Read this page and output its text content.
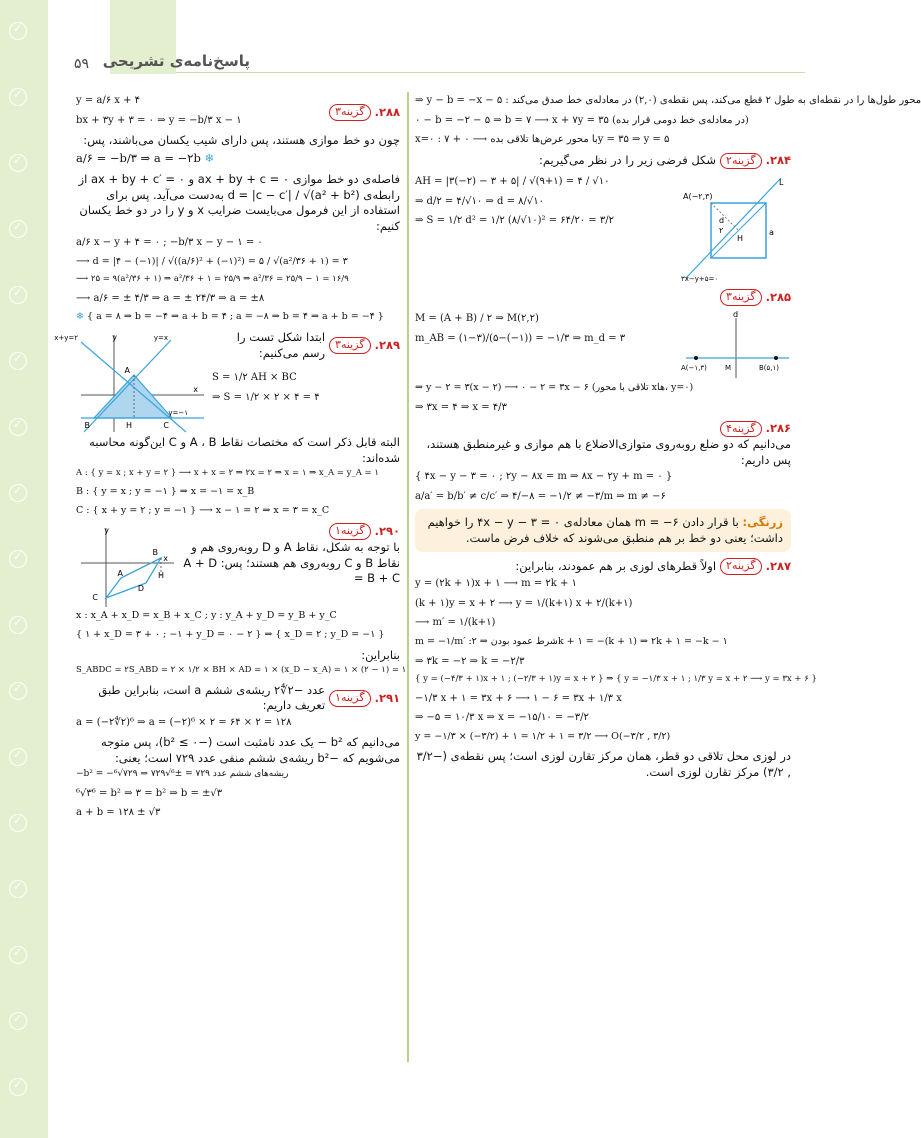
✓
✓
✓
✓
✓
✓
✓
✓
✓
✓
✓
✓
✓
✓
✓
✓
✓
۵۹ پاسخ‌نامه‌ی تشریحی
⇒ y − b = −x − ۵ : محور طول‌ها را در نقطه‌ای به طول ۲ قطع می‌کند، پس نقطه‌ی (۲,۰) در معادله‌ی خط صدق می‌کند
۰ − b = −۲ − ۵ ⇒ b = ۷ ⟶ x + ۷y = ۳۵ (در معادله‌ی خط دومی قرار بده)
x=۰ : با محور عرض‌ها تلاقی بده ⟶ ۰ + ۷y = ۳۵ ⇒ y = ۵
۲۸۴.
گزینه۲
شکل فرضی زیر را در نظر می‌گیریم:
AH = |۳(−۲) − ۳ + ۵| / √(۹+۱) = ۴ / √۱۰
⇒ d/۲ = ۴/√۱۰ ⇒ d = ۸/√۱۰
⇒ S = ۱/۲ d² = ۱/۲ (۸/√۱۰)² = ۶۴/۲۰ = ۳/۲
A(−۲,۳)
L
d
۲
H
a
۳x−y+۵=۰
۲۸۵.
گزینه۳
M = (A + B) / ۲ ⇒ M(۲,۲)
m_AB = (۱−۳)/(۵−(−۱)) = −۱/۳ ⇒ m_d = ۳
d
A(−۱,۳)	M	B(۵,۱)
⇒ y − ۲ = ۳(x − ۲) ⟶ ۰ − ۲ = ۳x − ۶ (تلاقی با محور xها، y=۰)
⇒ ۳x = ۴ ⇒ x = ۴/۳
۲۸۶.
گزینه۴
می‌دانیم که دو ضلع روبه‌روی متوازی‌الاضلاع با هم موازی و غیرمنطبق هستند، پس داریم:
{ ۴x − y − ۳ = ۰ ; ۲y − ۸x = m ⇒ ۸x − ۲y + m = ۰ }
a/a′ = b/b′ ≠ c/c′ ⇒ ۴/−۸ = −۱/۲ ≠ −۳/m ⇒ m ≠ −۶
زرنگی: با قرار دادن m = −۶ همان معادله‌ی ۴x − y − ۳ = ۰ را خواهیم داشت؛ یعنی دو خط بر هم منطبق می‌شوند که خلاف فرض ماست.
۲۸۷.
گزینه۲
اولاً قطرهای لوزی بر هم عمودند، بنابراین:
y = (۲k + ۱)x + ۱ ⟶ m = ۲k + ۱
(k + ۱)y = x + ۲ ⟶ y = ۱/(k+۱) x + ۲/(k+۱)
⟶ m′ = ۱/(k+۱)
m = −۱/m′ :شرط عمود بودن ⇒ ۲k + ۱ = −(k + ۱) ⇒ ۲k + ۱ = −k − ۱
⇒ ۳k = −۲ ⇒ k = −۲/۳
{ y = (−۴/۳ + ۱)x + ۱ ; (−۲/۳ + ۱)y = x + ۲ } ⇒ { y = −۱/۳ x + ۱ ; ۱/۳ y = x + ۲ ⟶ y = ۳x + ۶ }
−۱/۳ x + ۱ = ۳x + ۶ ⟶ ۱ − ۶ = ۳x + ۱/۳ x
⇒ −۵ = ۱۰/۳ x ⇒ x = −۱۵/۱۰ = −۳/۲
y = −۱/۳ × (−۳/۲) + ۱ = ۱/۲ + ۱ = ۳/۲ ⟶ O(−۳/۲ , ۳/۲)
در لوزی محل تلاقی دو قطر، همان مرکز تقارن لوزی است؛ پس نقطه‌ی (−۳/۲ , ۳/۲) مرکز تقارن لوزی است.
۲۸۸.
گزینه۳
y = a/۶ x + ۴
bx + ۳y + ۳ = ۰ ⇒ y = −b/۳ x − ۱
چون دو خط موازی هستند، پس دارای شیب یکسان می‌باشند، پس:
a/۶ = −b/۳ ⇒ a = −۲b ❄
فاصله‌ی دو خط موازی ax + by + c = ۰ و ax + by + c′ = ۰ از رابطه‌ی d = |c − c′| / √(a² + b²) به‌دست می‌آید. پس برای استفاده از این فرمول می‌بایست ضرایب x و y را در دو خط یکسان کنیم:
a/۶ x − y + ۴ = ۰ ; −b/۳ x − y − ۱ = ۰
⟶ d = |۴ − (−۱)| / √((a/۶)² + (−۱)²) = ۵ / √(a²/۳۶ + ۱) = ۳
⟶ ۲۵ = ۹(a²/۳۶ + ۱) ⇒ a²/۳۶ + ۱ = ۲۵/۹ ⇒ a²/۳۶ = ۲۵/۹ − ۱ = ۱۶/۹
⟶ a/۶ = ± ۴/۳ ⇒ a = ± ۲۴/۳ ⇒ a = ±۸
❄ { a = ۸ ⇒ b = −۴ ⇒ a + b = ۴ ; a = −۸ ⇒ b = ۴ ⇒ a + b = −۴ }
۲۸۹.
گزینه۳
ابتدا شکل تست را رسم می‌کنیم:
S = ۱/۲ AH × BC
⇒ S = ۱/۲ × ۲ × ۴ = ۴
x+y=۲	y=x
y=−۱
A
B	C
H
x
y
البته قابل ذکر است که مختصات نقاط A ، B و C این‌گونه محاسبه شده‌اند:
A : { y = x ; x + y = ۲ } ⟶ x + x = ۲ ⇒ ۲x = ۲ ⇒ x = ۱ ⇒ x_A = y_A = ۱
B : { y = x ; y = −۱ } ⇒ x = −۱ = x_B
C : { x + y = ۲ ; y = −۱ } ⟶ x − ۱ = ۲ ⇒ x = ۳ = x_C
۲۹۰.
گزینه۱
با توجه به شکل، نقاط A و D روبه‌روی هم و نقاط B و C روبه‌روی هم هستند؛ پس: A + D = B + C
A
B
C
D
H
x
y
x : x_A + x_D = x_B + x_C ; y : y_A + y_D = y_B + y_C
{ ۱ + x_D = ۳ + ۰ ; −۱ + y_D = ۰ − ۲ } ⇒ { x_D = ۲ ; y_D = −۱ }
بنابراین:
S_ABDC = ۲S_ABD = ۲ × ۱/۲ × BH × AD = ۱ × (x_D − x_A) = ۱ × (۲ − ۱) = ۱
۲۹۱.
گزینه۱
عدد −۲∜۲ ریشه‌ی ششم a است، بنابراین طبق تعریف داریم:
a = (−۲∜۲)⁶ ⇒ a = (−۲)⁶ × ۲ = ۶۴ × ۲ = ۱۲۸
می‌دانیم که b² − یک عدد نامثبت است (−b² ≤ ۰)، پس متوجه می‌شویم که −b² ریشه‌ی ششم منفی عدد ۷۲۹ است؛ یعنی:
−b² = −⁶√۷۲۹ ⇒ ریشه‌های ششم عدد ۷۲۹ = ±⁶√۷۲۹
⁶√۳⁶ = b² ⇒ ۳ = b² ⇒ b = ±√۳
a + b = ۱۲۸ ± √۳
